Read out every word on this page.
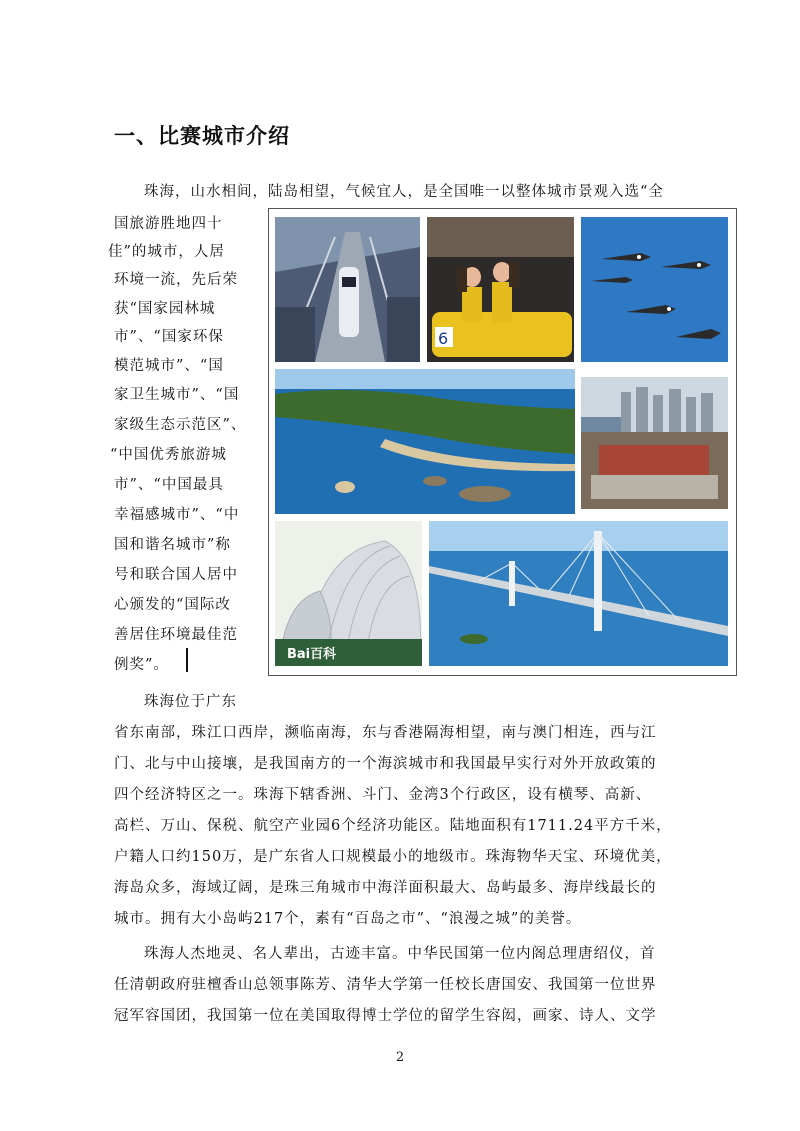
一、比赛城市介绍
珠海，山水相间，陆岛相望，气候宜人，是全国唯一以整体城市景观入选“全
国旅游胜地四十
佳”的城市，人居
环境一流，先后荣
获“国家园林城
市”、“国家环保
模范城市”、“国
家卫生城市”、“国
家级生态示范区”、
“中国优秀旅游城
市”、“中国最具
幸福感城市”、“中
国和谐名城市”称
号和联合国人居中
心颁发的“国际改
善居住环境最佳范
例奖”。
6
Bai百科
珠海位于广东
省东南部，珠江口西岸，濒临南海，东与香港隔海相望，南与澳门相连，西与江
门、北与中山接壤，是我国南方的一个海滨城市和我国最早实行对外开放政策的
四个经济特区之一。珠海下辖香洲、斗门、金湾3个行政区，设有横琴、高新、
高栏、万山、保税、航空产业园6个经济功能区。陆地面积有1711.24平方千米，
户籍人口约150万，是广东省人口规模最小的地级市。珠海物华天宝、环境优美，
海岛众多，海域辽阔，是珠三角城市中海洋面积最大、岛屿最多、海岸线最长的
城市。拥有大小岛屿217个，素有“百岛之市”、“浪漫之城”的美誉。
珠海人杰地灵、名人辈出，古迹丰富。中华民国第一位内阁总理唐绍仪，首
任清朝政府驻檀香山总领事陈芳、清华大学第一任校长唐国安、我国第一位世界
冠军容国团，我国第一位在美国取得博士学位的留学生容闳，画家、诗人、文学
2
